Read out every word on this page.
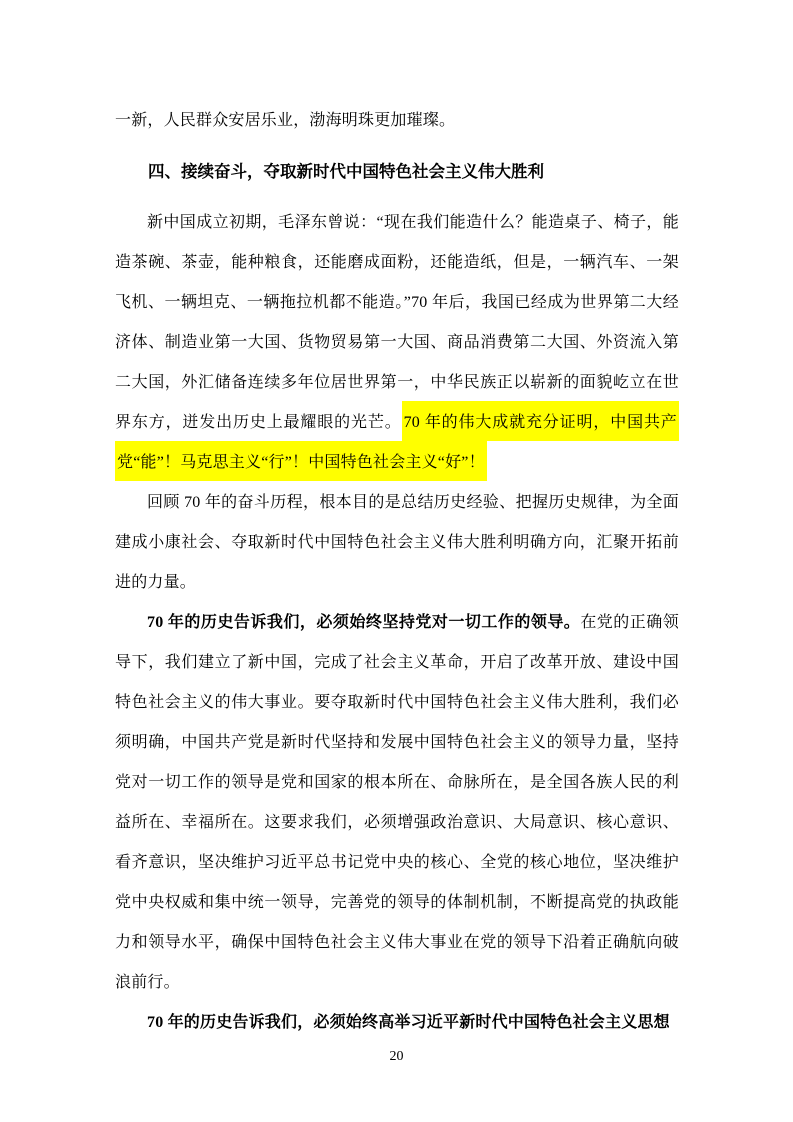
一新，人民群众安居乐业，渤海明珠更加璀璨。

四、接续奋斗，夺取新时代中国特色社会主义伟大胜利

新中国成立初期，毛泽东曾说：“现在我们能造什么？能造桌子、椅子，能造茶碗、茶壶，能种粮食，还能磨成面粉，还能造纸，但是，一辆汽车、一架飞机、一辆坦克、一辆拖拉机都不能造。”70 年后，我国已经成为世界第二大经济体、制造业第一大国、货物贸易第一大国、商品消费第二大国、外资流入第二大国，外汇储备连续多年位居世界第一，中华民族正以崭新的面貌屹立在世界东方，迸发出历史上最耀眼的光芒。 70 年的伟大成就充分证明，中国共产党“能”！马克思主义“行”！中国特色社会主义“好”！

回顾 70 年的奋斗历程，根本目的是总结历史经验、把握历史规律，为全面建成小康社会、夺取新时代中国特色社会主义伟大胜利明确方向，汇聚开拓前进的力量。

70 年的历史告诉我们，必须始终坚持党对一切工作的领导。在党的正确领导下，我们建立了新中国，完成了社会主义革命，开启了改革开放、建设中国特色社会主义的伟大事业。要夺取新时代中国特色社会主义伟大胜利，我们必须明确，中国共产党是新时代坚持和发展中国特色社会主义的领导力量，坚持党对一切工作的领导是党和国家的根本所在、命脉所在，是全国各族人民的利益所在、幸福所在。这要求我们，必须增强政治意识、大局意识、核心意识、看齐意识，坚决维护习近平总书记党中央的核心、全党的核心地位，坚决维护党中央权威和集中统一领导，完善党的领导的体制机制，不断提高党的执政能力和领导水平，确保中国特色社会主义伟大事业在党的领导下沿着正确航向破浪前行。

70 年的历史告诉我们，必须始终高举习近平新时代中国特色社会主义思想

20
